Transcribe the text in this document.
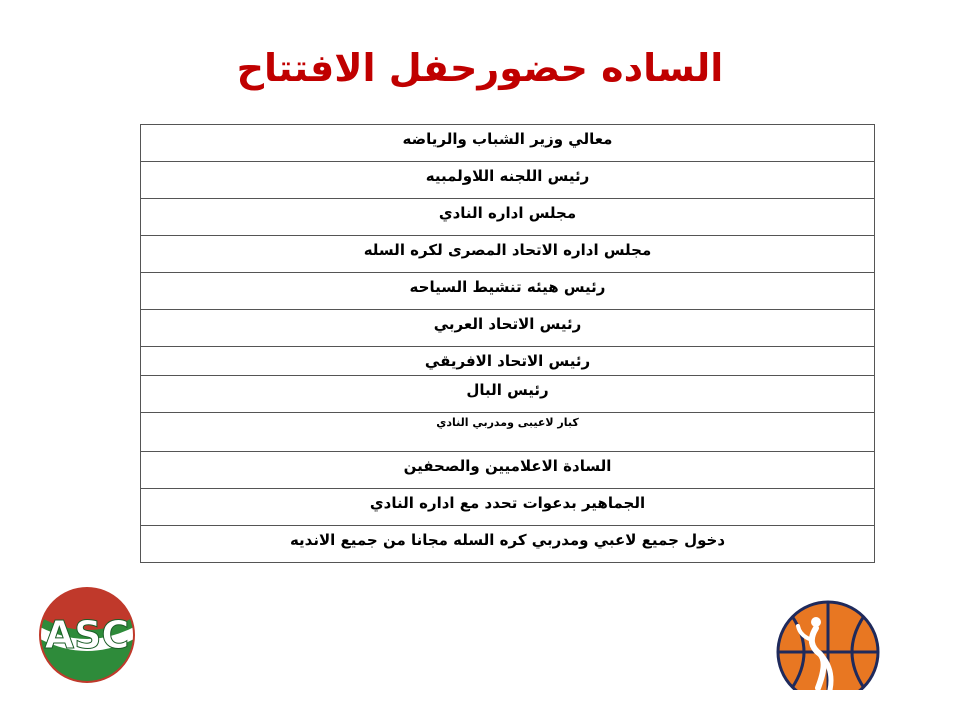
الساده حضورحفل الافتتاح
معالي وزير الشباب والرياضه
رئيس اللجنه اللاولمبيه
مجلس اداره النادي
مجلس اداره الاتحاد المصرى لكره السله
رئيس هيئه تنشيط السياحه
رئيس الاتحاد العربي
رئيس الاتحاد الافريقي
رئيس البال
كبار لاعيبى ومدربي النادي
السادة الاعلاميين والصحفين
الجماهير بدعوات تحدد مع اداره النادي
دخول جميع لاعبي ومدربي كره السله مجانا من جميع الانديه
ASC
